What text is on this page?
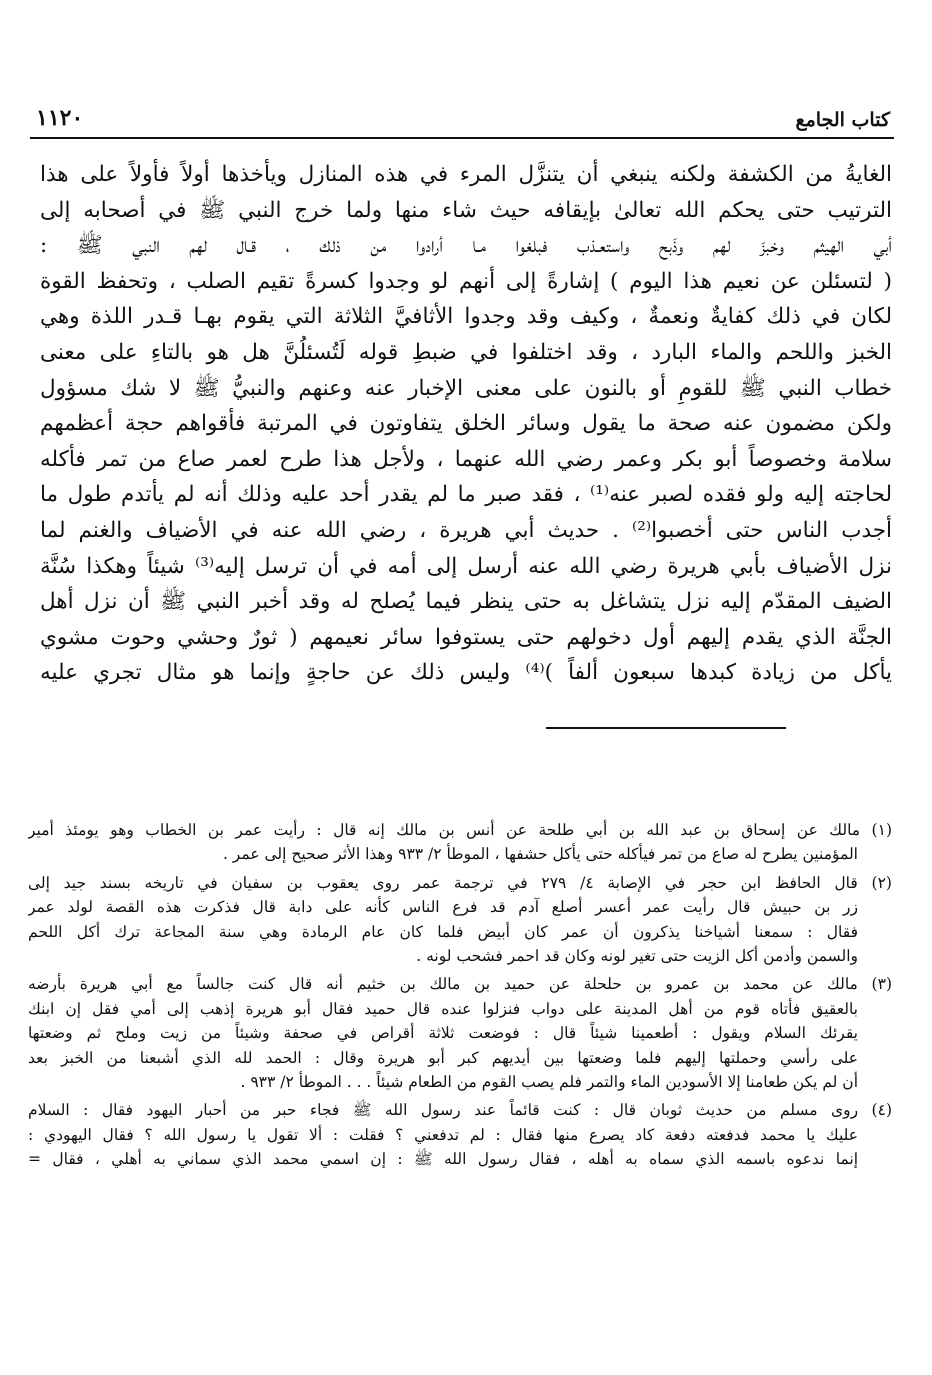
كتاب الجامع
١١٢٠
الغايةُ من الكشفة ولكنه ينبغي أن يتنزَّل المرء في هذه المنازل ويأخذها أولاً فأولاً على هذا
الترتيب حتى يحكم الله تعالىٰ بإيقافه حيث شاء منها ولما خرج النبي ﷺ في أصحابه إلى
أبي الهيثم وخبزَ لهم وذَبح واستعـذب فبلغوا مـا أرادوا من ذلك ، قـال لهم النبي ﷺ :
( لتسئلن عن نعيم هذا اليوم ) إشارةً إلى أنهم لو وجدوا كسرةً تقيم الصلب ، وتحفظ القوة
لكان في ذلك كفايةٌ ونعمةٌ ، وكيف وقد وجدوا الأثافيَّ الثلاثة التي يقوم بهـا قـدر اللذة وهي
الخبز واللحم والماء البارد ، وقد اختلفوا في ضبطِ قوله لَتُسئلُنَّ هل هو بالتاءِ على معنى
خطاب النبي ﷺ للقومِ أو بالنون على معنى الإخبار عنه وعنهم والنبيُّ ﷺ لا شك مسؤول
ولكن مضمون عنه صحة ما يقول وسائر الخلق يتفاوتون في المرتبة فأقواهم حجة أعظمهم
سلامة وخصوصاً أبو بكر وعمر رضي الله عنهما ، ولأجل هذا طرح لعمر صاع من تمر فأكله
لحاجته إليه ولو فقده لصبر عنه⁽¹⁾ ، فقد صبر ما لم يقدر أحد عليه وذلك أنه لم يأتدم طول ما
أجدب الناس حتى أخصبوا⁽²⁾ . حديث أبي هريرة ، رضي الله عنه في الأضياف والغنم لما
نزل الأضياف بأبي هريرة رضي الله عنه أرسل إلى أمه في أن ترسل إليه⁽³⁾ شيئاً وهكذا سُنَّة
الضيف المقدّم إليه نزل يتشاغل به حتى ينظر فيما يُصلح له وقد أخبر النبي ﷺ أن نزل أهل
الجنَّة الذي يقدم إليهم أول دخولهم حتى يستوفوا سائر نعيمهم ( ثورٌ وحشي وحوت مشوي
يأكل من زيادة كبدها سبعون ألفاً )⁽⁴⁾ وليس ذلك عن حاجةٍ وإنما هو مثال تجري عليه
(١) مالك عن إسحاق بن عبد الله بن أبي طلحة عن أنس بن مالك إنه قال : رأيت عمر بن الخطاب وهو يومئذ أمير
المؤمنين يطرح له صاع من تمر فيأكله حتى يأكل حشفها ، الموطأ ٢/ ٩٣٣ وهذا الأثر صحيح إلى عمر .
(٢) قال الحافظ ابن حجر في الإصابة ٤/ ٢٧٩ في ترجمة عمر روى يعقوب بن سفيان في تاريخه بسند جيد إلى
زر بن حبيش قال رأيت عمر أعسر أصلع آدم قد فرع الناس كأنه على دابة قال فذكرت هذه القصة لولد عمر
فقال : سمعنا أشياخنا يذكرون أن عمر كان أبيض فلما كان عام الرمادة وهي سنة المجاعة ترك أكل اللحم
والسمن وأدمن أكل الزيت حتى تغير لونه وكان قد احمر فشحب لونه .
(٣) مالك عن محمد بن عمرو بن حلحلة عن حميد بن مالك بن خثيم أنه قال كنت جالساً مع أبي هريرة بأرضه
بالعقيق فأتاه قوم من أهل المدينة على دواب فنزلوا عنده قال حميد فقال أبو هريرة إذهب إلى أمي فقل إن ابنك
يقرئك السلام ويقول : أطعمينا شيئاً قال : فوضعت ثلاثة أقراص في صحفة وشيئاً من زيت وملح ثم وضعتها
على رأسي وحملتها إليهم فلما وضعتها بين أيديهم كبر أبو هريرة وقال : الحمد لله الذي أشبعنا من الخبز بعد
أن لم يكن طعامنا إلا الأسودين الماء والتمر فلم يصب القوم من الطعام شيئاً . . . الموطأ ٢/ ٩٣٣ .
(٤) روى مسلم من حديث ثوبان قال : كنت قائماً عند رسول الله ﷺ فجاء حبر من أحبار اليهود فقال : السلام
عليك يا محمد فدفعته دفعة كاد يصرع منها فقال : لم تدفعني ؟ فقلت : ألا تقول يا رسول الله ؟ فقال اليهودي :
إنما ندعوه باسمه الذي سماه به أهله ، فقال رسول الله ﷺ : إن اسمي محمد الذي سماني به أهلي ، فقال =
